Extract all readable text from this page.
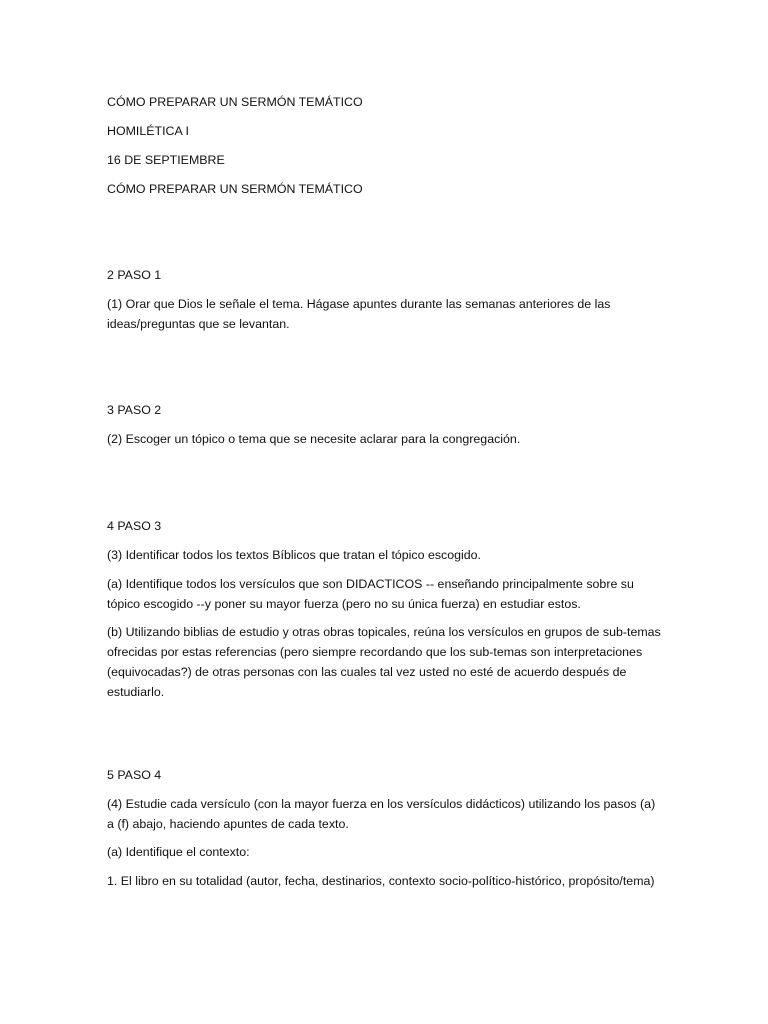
CÓMO PREPARAR UN SERMÓN TEMÁTICO
HOMILÉTICA I
16 DE SEPTIEMBRE
CÓMO PREPARAR UN SERMÓN TEMÁTICO
2 PASO 1
(1) Orar que Dios le señale el tema. Hágase apuntes durante las semanas anteriores de las ideas/preguntas que se levantan.
3 PASO 2
(2) Escoger un tópico o tema que se necesite aclarar para la congregación.
4 PASO 3
(3) Identificar todos los textos Bíblicos que tratan el tópico escogido.
(a) Identifique todos los versículos que son DIDACTICOS -- enseñando principalmente sobre su tópico escogido --y poner su mayor fuerza (pero no su única fuerza) en estudiar estos.
(b) Utilizando biblias de estudio y otras obras topicales, reúna los versículos en grupos de sub-temas ofrecidas por estas referencias (pero siempre recordando que los sub-temas son interpretaciones (equivocadas?) de otras personas con las cuales tal vez usted no esté de acuerdo después de estudiarlo.
5 PASO 4
(4) Estudie cada versículo (con la mayor fuerza en los versículos didácticos) utilizando los pasos (a) a (f) abajo, haciendo apuntes de cada texto.
(a) Identifique el contexto:
1. El libro en su totalidad (autor, fecha, destinarios, contexto socio-político-histórico, propósito/tema)
